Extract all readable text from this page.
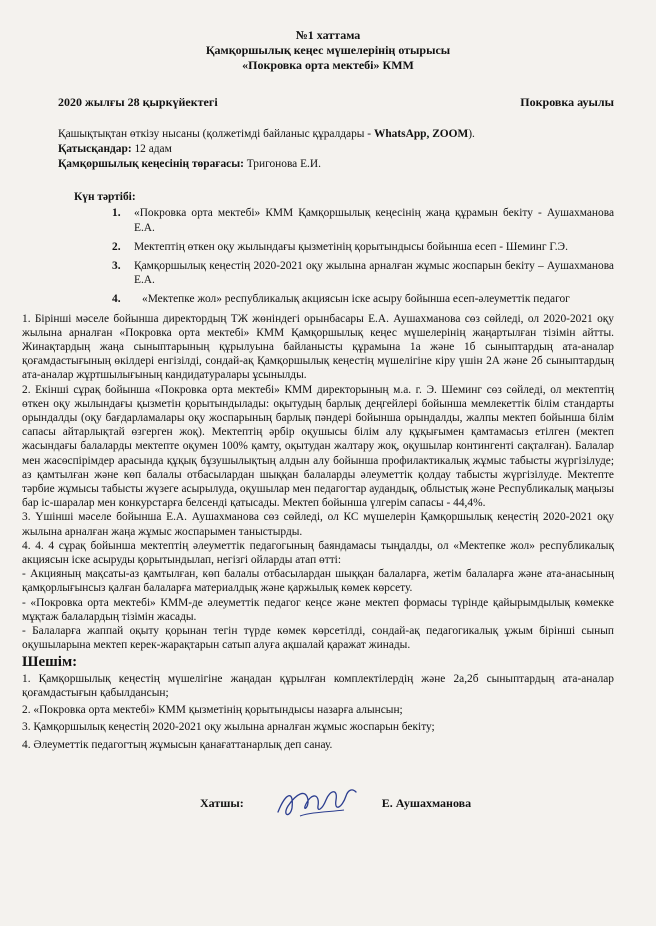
№1 хаттама
Қамқоршылық кеңес мүшелерінің отырысы
«Покровка орта мектебі» КММ
2020 жылғы 28 қыркүйектегі	Покровка ауылы
Қашықтықтан өткізу нысаны (қолжетімді байланыс құралдары - WhatsApp, ZOOM).
Қатысқандар: 12 адам
Қамқоршылық кеңесінің төрағасы: Тригонова Е.И.
Күн тәртібі:
1. «Покровка орта мектебі» КММ Қамқоршылық кеңесінің жаңа құрамын бекіту - Аушахманова Е.А.
2. Мектептің өткен оқу жылындағы қызметінің қорытындысы бойынша есеп - Шеминг Г.Э.
3. Қамқоршылық кеңестің 2020-2021 оқу жылына арналған жұмыс жоспарын бекіту – Аушахманова Е.А.
4. «Мектепке жол» республикалық акциясын іске асыру бойынша есеп-әлеуметтік педагог

1. Бірінші мәселе бойынша директордың ТЖ жөніндегі орынбасары Е.А. Аушахманова сөз сөйледі, ол 2020-2021 оқу жылына арналған «Покровка орта мектебі» КММ Қамқоршылық кеңес мүшелерінің жаңартылған тізімін айтты. Жинақтардың жаңа сыныптарының құрылуына байланысты құрамына 1а және 1б сыныптардың ата-аналар қоғамдастығының өкілдері енгізілді, сондай-ақ Қамқоршылық кеңестің мүшелігіне кіру үшін 2А және 2б сыныптардың ата-аналар жұртшылығының кандидатуралары ұсынылды.

2. Екінші сұрақ бойынша «Покровка орта мектебі» КММ директорының м.а. г. Э. Шеминг сөз сөйледі, ол мектептің өткен оқу жылындағы қызметін қорытындылады: оқытудың барлық деңгейлері бойынша мемлекеттік білім стандарты орындалды (оқу бағдарламалары оқу жоспарының барлық пәндері бойынша орындалды, жалпы мектеп бойынша білім сапасы айтарлықтай өзгерген жоқ). Мектептің әрбір оқушысы білім алу құқығымен қамтамасыз етілген (мектеп жасындағы балаларды мектепте оқумен 100% қамту, оқытудан жалтару жоқ, оқушылар контингенті сақталған). Балалар мен жасөспірімдер арасында құқық бұзушылықтың алдын алу бойынша профилактикалық жұмыс табысты жүргізілуде; аз қамтылған және көп балалы отбасылардан шыққан балаларды әлеуметтік қолдау табысты жүргізілуде. Мектепте тәрбие жұмысы табысты жүзеге асырылуда, оқушылар мен педагогтар аудандық, облыстық және Республикалық маңызы бар іс-шаралар мен конкурстарға белсенді қатысады. Мектеп бойынша үлгерім сапасы - 44,4%.

3. Үшінші мәселе бойынша Е.А. Аушахманова сөз сөйледі, ол КС мүшелерін Қамқоршылық кеңестің 2020-2021 оқу жылына арналған жаңа жұмыс жоспарымен таныстырды.

4. 4. 4 сұрақ бойынша мектептің әлеуметтік педагогының баяндамасы тыңдалды, ол «Мектепке жол» республикалық акциясын іске асыруды қорытындылап, негізгі ойларды атап өтті:

- Акцияның мақсаты-аз қамтылған, көп балалы отбасылардан шыққан балаларға, жетім балаларға және ата-анасының қамқорлығынсыз қалған балаларға материалдық және қаржылық көмек көрсету.

- «Покровка орта мектебі» КММ-де әлеуметтік педагог кеңсе және мектеп формасы түрінде қайырымдылық көмекке мұқтаж балалардың тізімін жасады.

- Балаларға жаппай оқыту қорынан тегін түрде көмек көрсетілді, сондай-ақ педагогикалық ұжым бірінші сынып оқушыларына мектеп керек-жарақтарын сатып алуға ақшалай қаражат жинады.

Шешім:
1. Қамқоршылық кеңестің мүшелігіне жаңадан құрылған комплектілердің және 2а,2б сыныптардың ата-аналар қоғамдастығын қабылдансын;
2. «Покровка орта мектебі» КММ қызметінің қорытындысы назарға алынсын;
3. Қамқоршылық кеңестің 2020-2021 оқу жылына арналған жұмыс жоспарын бекіту;
4. Әлеуметтік педагогтың жұмысын қанағаттанарлық деп санау.
Хатшы:	Е. Аушахманова
